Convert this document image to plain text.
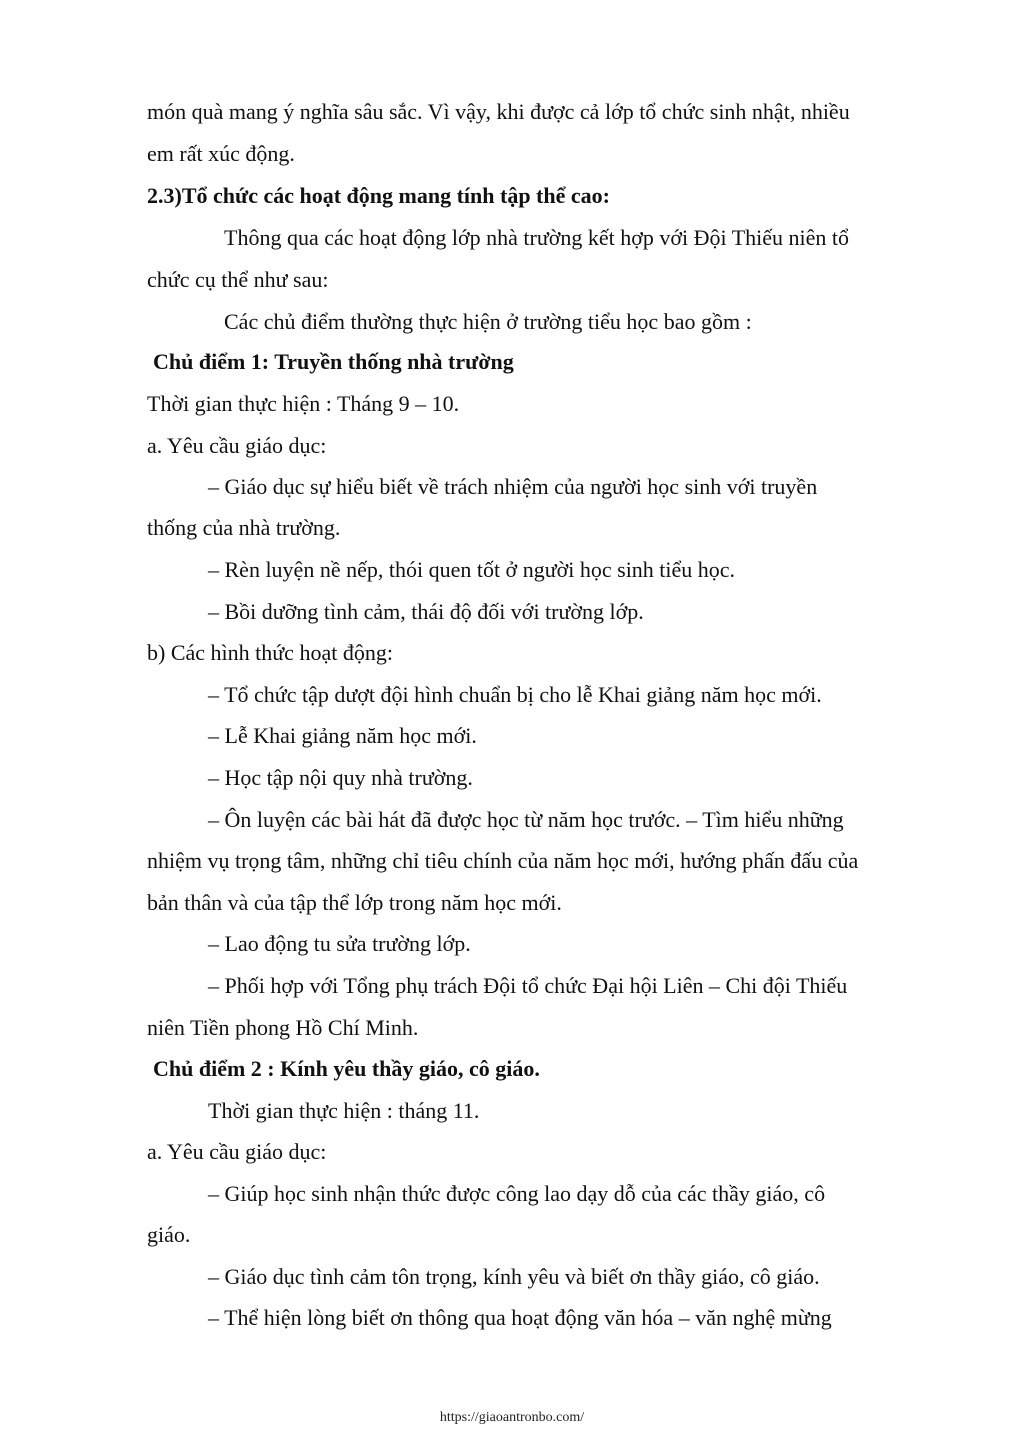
món quà mang ý nghĩa sâu sắc. Vì vậy, khi được cả lớp tổ chức sinh nhật, nhiều
em rất xúc động.
2.3)Tổ chức các hoạt động mang tính tập thể cao:
Thông qua các hoạt động lớp nhà trường kết hợp với Đội Thiếu niên tổ
chức cụ thể như sau:
Các chủ điểm thường thực hiện ở trường tiểu học bao gồm :
Chủ điểm 1: Truyền thống nhà trường
Thời gian thực hiện : Tháng 9 – 10.
a. Yêu cầu giáo dục:
– Giáo dục sự hiểu biết về trách nhiệm của người học sinh với truyền
thống của nhà trường.
– Rèn luyện nề nếp, thói quen tốt ở người học sinh tiểu học.
– Bồi dưỡng tình cảm, thái độ đối với trường lớp.
b) Các hình thức hoạt động:
– Tổ chức tập dượt đội hình chuẩn bị cho lễ Khai giảng năm học mới.
– Lễ Khai giảng năm học mới.
– Học tập nội quy nhà trường.
– Ôn luyện các bài hát đã được học từ năm học trước. – Tìm hiểu những
nhiệm vụ trọng tâm, những chỉ tiêu chính của năm học mới, hướng phấn đấu của
bản thân và của tập thể lớp trong năm học mới.
– Lao động tu sửa trường lớp.
– Phối hợp với Tổng phụ trách Đội tổ chức Đại hội Liên – Chi đội Thiếu
niên Tiền phong Hồ Chí Minh.
Chủ điểm 2 : Kính yêu thầy giáo, cô giáo.
Thời gian thực hiện : tháng 11.
a. Yêu cầu giáo dục:
– Giúp học sinh nhận thức được công lao dạy dỗ của các thầy giáo, cô
giáo.
– Giáo dục tình cảm tôn trọng, kính yêu và biết ơn thầy giáo, cô giáo.
– Thể hiện lòng biết ơn thông qua hoạt động văn hóa – văn nghệ mừng
https://giaoantronbo.com/
